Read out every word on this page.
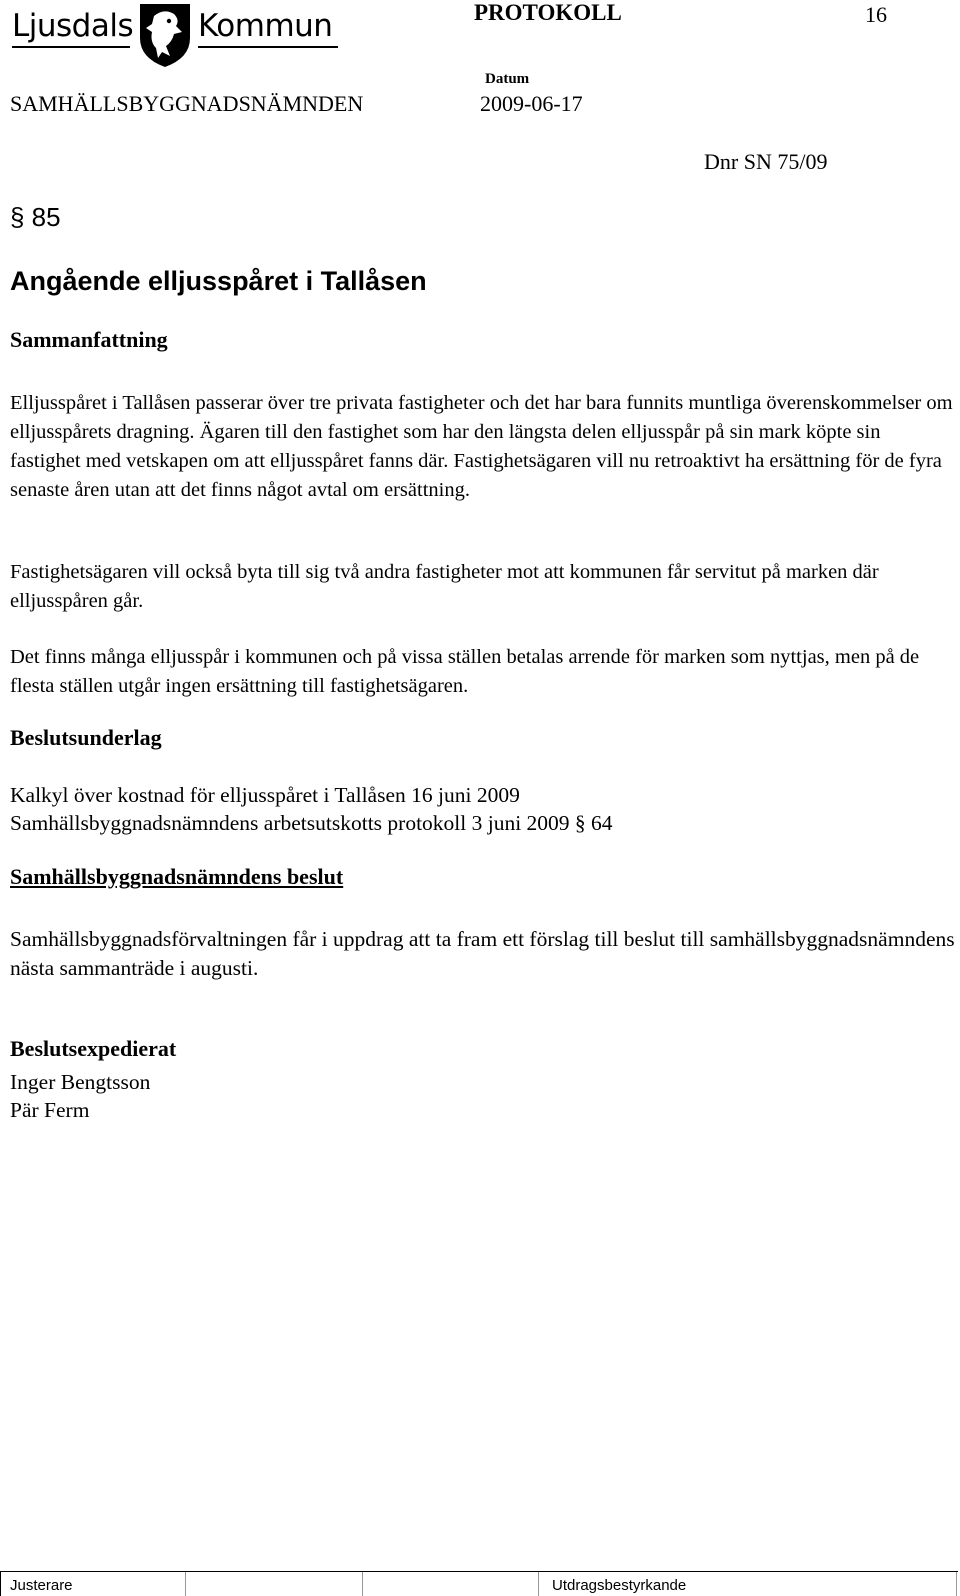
Ljusdals Kommun	PROTOKOLL	16
Datum
SAMHÄLLSBYGGNADSNÄMNDEN	2009-06-17
Dnr SN 75/09
§ 85
Angående elljusspåret i Tallåsen
Sammanfattning
Elljusspåret i Tallåsen passerar över tre privata fastigheter och det har bara funnits muntliga överenskommelser om elljusspårets dragning. Ägaren till den fastighet som har den längsta delen elljusspår på sin mark köpte sin fastighet med vetskapen om att elljusspåret fanns där. Fastighetsägaren vill nu retroaktivt ha ersättning för de fyra senaste åren utan att det finns något avtal om ersättning.
Fastighetsägaren vill också byta till sig två andra fastigheter mot att kommunen får servitut på marken där elljusspåren går.
Det finns många elljusspår i kommunen och på vissa ställen betalas arrende för marken som nyttjas, men på de flesta ställen utgår ingen ersättning till fastighetsägaren.
Beslutsunderlag
Kalkyl över kostnad för elljusspåret i Tallåsen 16 juni 2009
Samhällsbyggnadsnämndens arbetsutskotts protokoll 3 juni 2009 § 64
Samhällsbyggnadsnämndens beslut
Samhällsbyggnadsförvaltningen får i uppdrag att ta fram ett förslag till beslut till samhällsbyggnadsnämndens nästa sammanträde i augusti.
Beslutsexpedierat
Inger Bengtsson
Pär Ferm
Justerare	Utdragsbestyrkande
